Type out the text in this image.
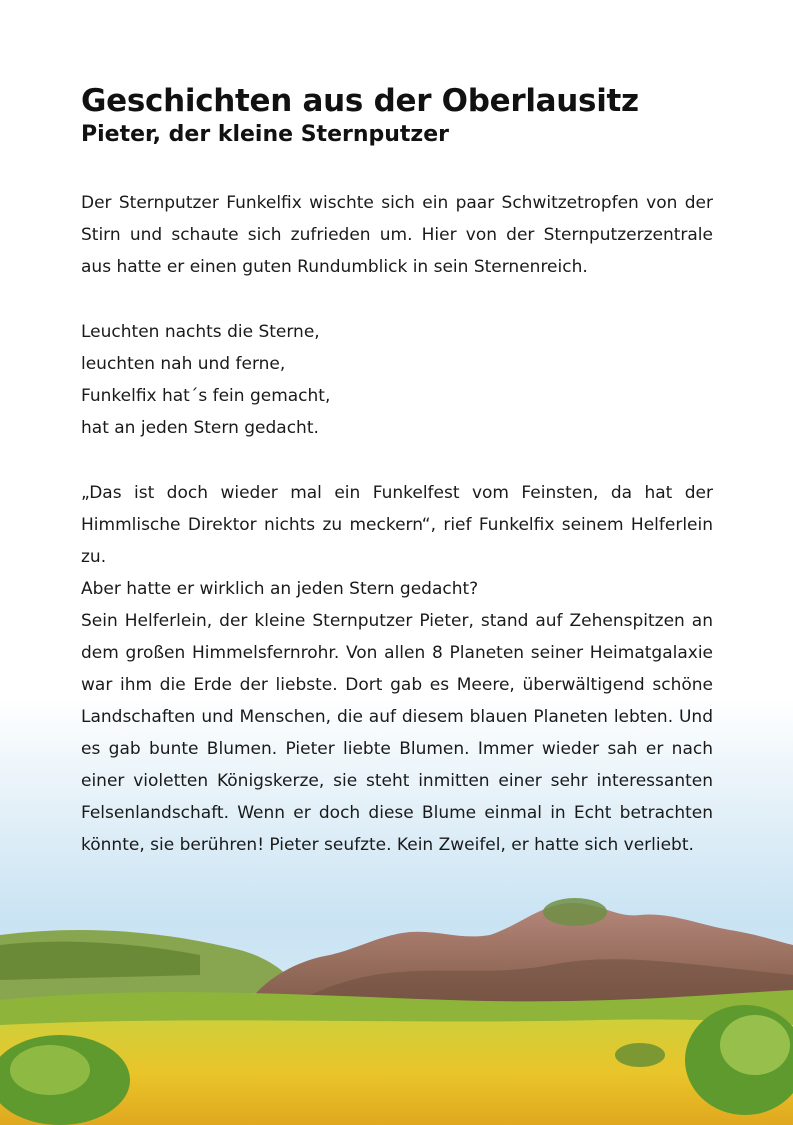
Geschichten aus der Oberlausitz
Pieter, der kleine Sternputzer

Der Sternputzer Funkelfix wischte sich ein paar Schwitzetropfen von der Stirn und schaute sich zufrieden um. Hier von der Sternputzerzentrale aus hatte er einen guten Rundumblick in sein Sternenreich.

Leuchten nachts die Sterne,
leuchten nah und ferne,
Funkelfix hat´s fein gemacht,
hat an jeden Stern gedacht.

„Das ist doch wieder mal ein Funkelfest vom Feinsten, da hat der Himmlische Direktor nichts zu meckern“, rief Funkelfix seinem Helferlein zu.

Aber hatte er wirklich an jeden Stern gedacht?

Sein Helferlein, der kleine Sternputzer Pieter, stand auf Zehenspitzen an dem großen Himmelsfernrohr. Von allen 8 Planeten seiner Heimatgalaxie war ihm die Erde der liebste. Dort gab es Meere, überwältigend schöne Landschaften und Menschen, die auf diesem blauen Planeten lebten. Und es gab bunte Blumen. Pieter liebte Blumen. Immer wieder sah er nach einer violetten Königskerze, sie steht inmitten einer sehr interessanten Felsenlandschaft. Wenn er doch diese Blume einmal in Echt betrachten könnte, sie berühren! Pieter seufzte. Kein Zweifel, er hatte sich verliebt.
